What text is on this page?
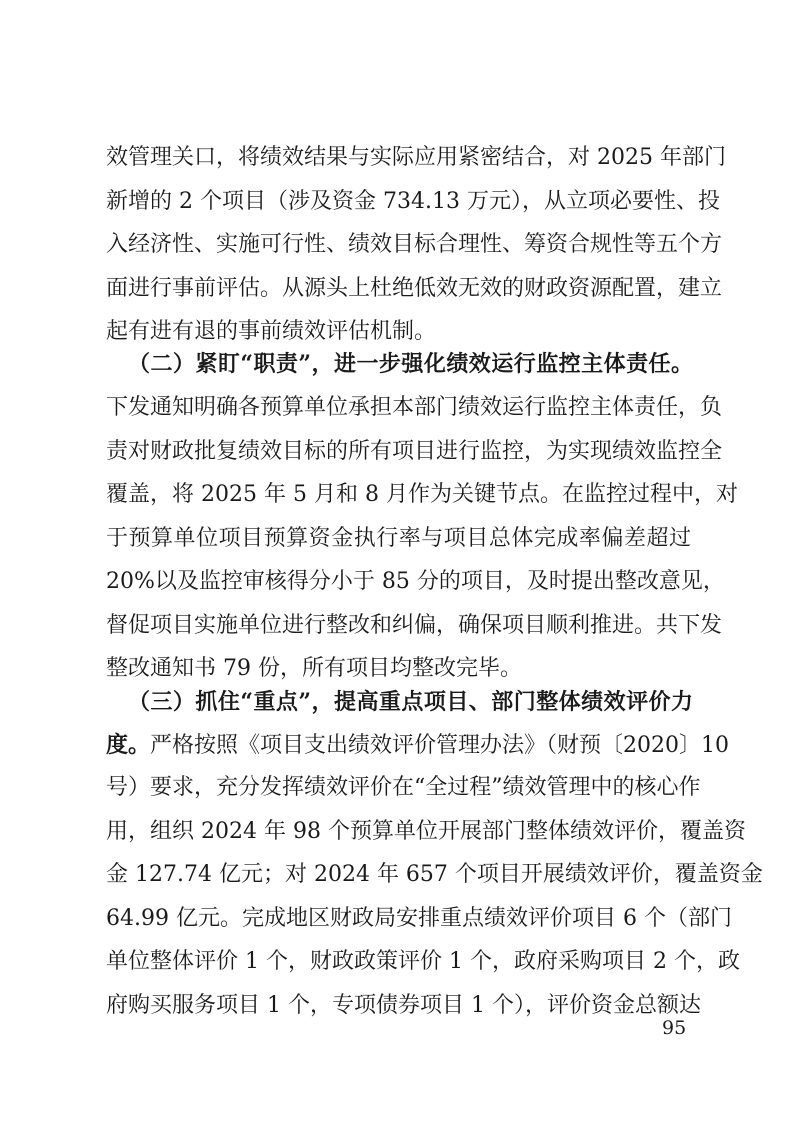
效管理关口，将绩效结果与实际应用紧密结合，对 2025 年部门
新增的 2 个项目（涉及资金 734.13 万元），从立项必要性、投
入经济性、实施可行性、绩效目标合理性、筹资合规性等五个方
面进行事前评估。从源头上杜绝低效无效的财政资源配置，建立
起有进有退的事前绩效评估机制。
（二）紧盯“职责”，进一步强化绩效运行监控主体责任。
下发通知明确各预算单位承担本部门绩效运行监控主体责任，负
责对财政批复绩效目标的所有项目进行监控，为实现绩效监控全
覆盖，将 2025 年 5 月和 8 月作为关键节点。在监控过程中，对
于预算单位项目预算资金执行率与项目总体完成率偏差超过
20%以及监控审核得分小于 85 分的项目，及时提出整改意见，
督促项目实施单位进行整改和纠偏，确保项目顺利推进。共下发
整改通知书 79 份，所有项目均整改完毕。
（三）抓住“重点”，提高重点项目、部门整体绩效评价力
度。严格按照《项目支出绩效评价管理办法》（财预〔2020〕10
号）要求，充分发挥绩效评价在“全过程”绩效管理中的核心作
用，组织 2024 年 98 个预算单位开展部门整体绩效评价，覆盖资
金 127.74 亿元；对 2024 年 657 个项目开展绩效评价，覆盖资金
64.99 亿元。完成地区财政局安排重点绩效评价项目 6 个（部门
单位整体评价 1 个，财政政策评价 1 个，政府采购项目 2 个，政
府购买服务项目 1 个，专项债券项目 1 个），评价资金总额达
95
